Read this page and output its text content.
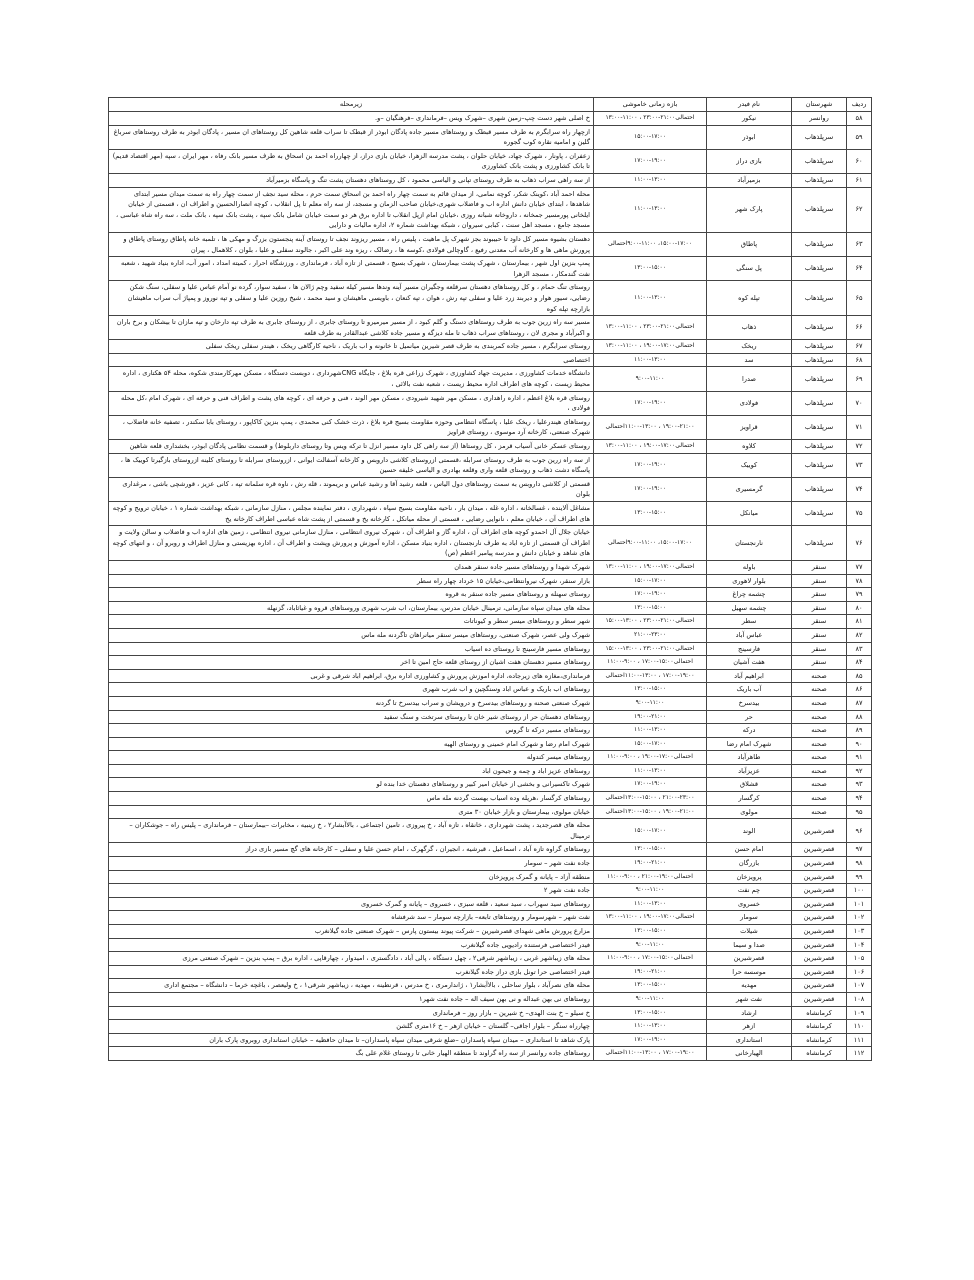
ردیف	شهرستان	نام فیدر	بازه زمانی خاموشی	زیرمحله
۵۸	روانسر	نیکور	احتمالی۲۱:۰۰-۲۳:۰۰ ، ۱۱:۰۰-۱۳:۰۰	خ اصلی شهر دست چپ–زمین شهری –شهرک ویس –فرمانداری –فرهنگیان –و.
۵۹	سرپلذهاب	ابوذر	۱۵:۰۰-۱۷:۰۰	ازچهار راه سرابگرم به طرف مسیر قبطک و روستاهای مسیر جاده پادگان ابوذر از قبطک تا سراب قلعه شاهین کل روستاهای ان مسیر ، پادگان ابوذر به طرف روستاهای سرباغ گلین و امامیه نقاره کوب گجوره
۶۰	سرپلذهاب	بازی دراز	۱۷:۰۰-۱۹:۰۰	زعفران ، پاونار ، شهرک جهاد، خیابان حلوان ، پشت مدرسه الزهرا، خیابان بازی دراز، از چهارراه احمد بن اسحاق به طرف مسیر بانک رفاه ، مهر ایران ، سپه (مهر اقتصاد قدیم) تا بانک کشاورزی و پشت بانک کشاورزی
۶۱	سرپلذهاب	بزمیرآباد	۱۱:۰۰-۱۳:۰۰	از سه راهی سراب ذهاب به طرف روستای تپانی و الیاسی محمود ، کل روستاهای دهستان پشت تنگ و پاسگاه بزمیرآباد
۶۲	سرپلذهاب	پارک شهر	۱۱:۰۰-۱۳:۰۰	محله احمد آباد ،کوینک شکر، کوچه نمامی، از میدان قائم به سمت چهار راه احمد بن اسحاق سمت حرم ، محله سید نجف از سمت چهار راه به سمت میدان مسیر ابتدای شاهدها ، ابتدای خیابان دانش اداره اب و فاضلاب شهری،خیابان صاحب الزمان و مسجد، از سه راه معلم تا پل انقلاب ، کوچه انصارالحسین و اطراف ان ، قسمتی از خیابان ایلخانی پورمسیر جمخانه ، داروخانه شبانه روزی ،خیابان امام ازپل انقلاب تا اداره برق هر دو سمت خیابان شامل بانک سپه ، پشت بانک سپه ، بانک ملت ، سه راه شاه عباسی ، مسجد جامع ، مسجد اهل سنت ، کبابی سیروان ، شبکه بهداشت شماره ۲، اداره مالیات و دارایی
۶۳	سرپلذهاب	پاطاق	۱۵:۰۰-۱۷:۰۰، ۹:۰۰-۱۱:۰۰احتمالی	دهستان بشیوه مسیر کل داود تا حبیبوند بجز شهرک پل ماهیت ، پلیس راه ، مسیر ریزوند نجف تا روستای آینه پنجستون بزرگ و مهکی ها ، تلمبه خانه پاطاق روستای پاطاق و پرورش ماهی ها و کارخانه آب معدنی رفیع ، گاوچالی فولادی ،کوسه ها ، رضالک ، ریزه وند علی اکبر ، جالوند سفلی و علیا ، بلوان ، کلاهمال ، پیران
۶۴	سرپلذهاب	پل سنگی	۱۳:۰۰-۱۵:۰۰	پمپ بنزین اول شهر ، بیمارستان ، شهرک پشت بیمارستان ، شهرک بسیج ، قسمتی از تازه آباد ، فرمانداری ، ورزشگاه احرار ، کمیته امداد ، امور آب، اداره بنیاد شهید ، شعبه نفت گندمکار ، مسجد الزهرا
۶۵	سرپلذهاب	تپله کوه	۱۱:۰۰-۱۳:۰۰	روستای تنگ حمام ، و کل روستاهای دهستان سرقلعه وجگیران مسیر آینه وندها مسیر کیله سفید وچم ژالان ها ، سفید سوار، گرده نو آمام عباس علیا و سفلی، سنگ شکن رضایی، سیور هوار و دیربند زرد علیا و سفلی تپه رش ، هوان ، تپه کنعان ، باویسی ماهیشان و سید محمد ، شیخ روزین علیا و سفلی و تپه نوروز و پمپاژ آب سراب ماهیشان بازارچه تپله کوه
۶۶	سرپلذهاب	ذهاب	احتمالی۲۱:۰۰-۲۳:۰۰ ، ۱۱:۰۰-۱۳:۰۰	مسیر سه راه زرین جوب به طرف روستاهای دستگ و گلم کبود ، از مسیر میرمیرو تا روستای جابری ، از روستای جابری به طرف تپه دارخان و تپه مازان تا بیشکان و برخ باران و اکبرآباد و مجری لان ، روستاهای سراب ذهاب تا مله دیزگه و مسیر جاده کلاشی عبدالقادر به طرف قلعه
۶۷	سرپلذهاب	ریخک	احتمالی۱۷:۰۰-۱۹:۰۰ ، ۱۱:۰۰-۱۳:۰۰	روستای سرابگرم ، مسیر جاده کمربندی به طرف قصر شیرین میانمیل تا خانونه و اب باریک ، ناحیه کارگاهی ریخک ، هیندر سفلی ریخک سفلی
۶۸	سرپلذهاب	سد	۱۱:۰۰-۱۳:۰۰	اختصاصی
۶۹	سرپلذهاب	صدرا	۹:۰۰-۱۱:۰۰	دانشگاه خدمات کشاورزی ، مدیریت جهاد کشاورزی ، شهرک زراعی قره بلاغ ، جایگاه CNGشهرداری ، دوبست دستگاه ، مسکن مهرکارمندی شکوه، محله ۵۴ هکتاری ، اداره محیط زیست ، کوچه های اطراف اداره محیط زیست ، شعبه نفت بالائی ،
۷۰	سرپلذهاب	فولادی	۱۷:۰۰-۱۹:۰۰	روستای قره بلاغ اعظم ، اداره راهداری ، مسکن مهر شهید شیرودی ، مسکن مهر الوند ، فنی و حرفه ای ، کوچه های پشت و اطراف فنی و حرفه ای ، شهرک امام ،کل محله فولادی ،
۷۱	سرپلذهاب	قراویز	۱۹:۰۰-۲۱:۰۰ ، ۱۱:۰۰-۱۳:۰۰احتمالی	روستاهای هیندرعلیا ، ریخک علیا ، پاسگاه انتظامی وحوزه مقاومت بسیج قره بلاغ ، ذرت خشک کنی محمدی ، پمپ بنزین کاکاپور ، روستای بابا سکندر ، تصفیه خانه فاضلاب ، شهرک صنعتی، کارخانه آرد موسوی ، روستای قراویز
۷۲	سرپلذهاب	کلاوه	احتمالی۱۷:۰۰-۱۹:۰۰ ، ۱۱:۰۰-۱۳:۰۰	روستای عسکر خانی آسیاب قرمز ، کل روستاها (از سه راهی کل داود مسیر انزل تا ترکه ویس وتا روستای داربلوط) و قسمت نظامی پادگان ابوذر، بخشداری قلعه شاهین
۷۳	سرپلذهاب	کوییک	۱۷:۰۰-۱۹:۰۰	از سه راه زرین جوب به طرف روستای سرابله ،قسمتی ازروستای کلاشی داروبس و کارخانه آسفالت ایوانی ، ازروستای سرابله تا روستای کلینه ازروستای بازگیرتا کوییک ها ، پاسگاه دشت ذهاب و روستای قلعه واری وقلعه بهادری و الیاسی خلیفه حسین
۷۴	سرپلذهاب	گرمسیری	۱۷:۰۰-۱۹:۰۰	قسمتی از کلاشی داروبس به سمت روستاهای دول الیاس ، قلعه رشید آقا و رشید عباس و بریموند ، قله رش ، ناوه قره سلمانه تپه ، کانی عزیز ، قورشچی باشی ، مرغداری بلوان
۷۵	سرپلذهاب	میانکل	۱۳:۰۰-۱۵:۰۰	مشاغل آلاینده ، غسالخانه ، اداره غله ، میدان بار ، ناحیه مقاومت بسیج سپاه ، شهرداری ، دفتر نماینده مجلس ، منازل سازمانی ، شبکه بهداشت شماره ۱ ، خیابان ترویج و کوچه های اطراف آن ، خیابان معلم ، نانوایی رضایی ، قسمتی از محله میانکل ، کارخانه یخ و قسمتی از پشت شاه عباسی اطراف کارخانه یخ
۷۶	سرپلذهاب	نارنجستان	۱۵:۰۰-۱۷:۰۰، ۹:۰۰-۱۱:۰۰احتمالی	خیابان جلال آل احمدو کوچه های اطراف آن ، اداره گاز و اطراف آن ، شهرک نیروی انتظامی ، منازل سازمانی نیروی انتظامی ، زمین های اداره اب و فاضلاب و سالن ولایت و اطراف آن قسمتی از تازه اباد به طرف نارنجستان ، اداره بنیاد مسکن ، اداره آموزش و پرورش وپشت و اطراف آن ، اداره بهزیستی و منازل اطراف و روبرو آن ، و انتهای کوچه های شاهد و خیابان دانش و مدرسه پیامبر اعظم (ص)
۷۷	سنقر	باوله	احتمالی۱۷:۰۰-۱۹:۰۰ ، ۱۱:۰۰-۱۳:۰۰	شهرک شهدا و روستاهای مسیر جاده سنقر همدان
۷۸	سنقر	بلوار لاهوری	۱۵:۰۰-۱۷:۰۰	بازار سنقر، شهرک نیروانتظامی،خیابان ۱۵ خرداد چهار راه سطر
۷۹	سنقر	چشمه چراغ	۱۷:۰۰-۱۹:۰۰	روستای سهنله و روستاهای مسیر جاده سنقر به قروه
۸۰	سنقر	چشمه سهیل	۱۳:۰۰-۱۵:۰۰	محله های میدان سپاه سازمانی، ترمینال خیابان مدرس، بیمارستان، اب شرب شهری وروستاهای قروه و غیاثاباد، گزنهله
۸۱	سنقر	سطر	احتمالی۲۱:۰۰-۲۳:۰۰ ، ۱۳:۰۰-۱۵:۰۰	شهر سطر و روستاهای میسر سطر و کیوناتات
۸۲	سنقر	عباس آباد	۲۱:۰۰-۲۳:۰۰	شهرک ولی عصر، شهرک صنعتی، روستاهای میسر سنقر میانراهان تاگردنه مله ماس
۸۳	سنقر	فارسینج	احتمالی۲۱:۰۰-۲۳:۰۰ ، ۱۳:۰۰-۱۵:۰۰	روستاهای مسیر فارسینج تا روستای ده اسیاب
۸۴	سنقر	هفت آشیان	احتمالی۱۵:۰۰-۱۷:۰۰ ، ۹:۰۰-۱۱:۰۰	روستاهای مسیر دهستان هفت اشیان از روستای قلعه حاج امین تا اخر
۸۵	صحنه	ابراهیم آباد	۱۷:۰۰-۱۹:۰۰ ، ۱۱:۰۰-۱۳:۰۰احتمالی	فرمانداری،مغازه های زیرجاده، اداره اموزش پرورش و کشاورزی اداره برق، ابراهیم اباد شرقی و غربی
۸۶	صحنه	آب باریک	۱۳:۰۰-۱۵:۰۰	روستاهای اب باریک و عباس اباد وسنگچین و اب شرب شهری
۸۷	صحنه	بیدسرخ	۹:۰۰-۱۱:۰۰	شهرک صنعتی صحنه و روستاهای بیدسرخ و درویشان و سراب بیدسرخ تا گردنه
۸۸	صحنه	حر	۱۹:۰۰-۲۱:۰۰	روستاهای دهستان حر از روستای شیر خان تا روستای سرتخت و سنگ سفید
۸۹	صحنه	درکه	۱۱:۰۰-۱۳:۰۰	روستاهای مسیر درکه تا گروس
۹۰	صحنه	شهرک امام رضا	۱۵:۰۰-۱۷:۰۰	شهرک امام رضا و شهرک امام خمینی و روستای الهیه
۹۱	صحنه	طاهرآباد	احتمالی۱۷:۰۰-۱۹:۰۰ ، ۹:۰۰-۱۱:۰۰	روستاهای میسر کندوله
۹۲	صحنه	عزیزآباد	۱۱:۰۰-۱۳:۰۰	روستاهای عزیز اباد و چمه و جیحون اباد
۹۳	صحنه	قشلاق	۱۷:۰۰-۱۹:۰۰	شهرک تاکسیرانی و بخشی از خیابان امیر کبیر و روستاهای دهستان خدا بنده لو
۹۴	صحنه	کرگسار	۲۱:۰۰-۲۳:۰۰ ، ۱۳:۰۰-۱۵:۰۰احتمالی	روستاهای کرگسار ،هریله وده اسیاب بهست گردنه مله ماس
۹۵	صحنه	مولوی	۱۹:۰۰-۲۱:۰۰ ، ۱۳:۰۰-۱۵:۰۰احتمالی	خیابان مولوی، بیمارستان و بازار خیابان ۳۰ متری
۹۶	قصرشیرین	الوند	۱۵:۰۰-۱۷:۰۰	محله های قصرجدید ، پشت شهرداری ، خانقاه ، تازه آباد ، خ پیروزی ، تامین اجتماعی ، بالاآبشار۲ ، خ زینبیه ، مخابرات –بیمارستان – فرمانداری – پلیس راه – جوشکاران – ترمینال
۹۷	قصرشیرین	امام حسن	۱۳:۰۰-۱۵:۰۰	روستاهای گراوه تازه آباد ، اسماعیل ، قبرشیه ، انجیران ، گرگهرک ، امام حسن علیا و سفلی – کارخانه های گچ مسیر بازی دراز
۹۸	قصرشیرین	بازرگان	۱۹:۰۰-۲۱:۰۰	جاده نفت شهر – سومار
۹۹	قصرشیرین	پرویزخان	احتمالی۱۹:۰۰-۲۱:۰۰ ، ۹:۰۰-۱۱:۰۰	منطقه آزاد – پایانه و گمرک پرویزخان
۱۰۰	قصرشیرین	چم نفت	۹:۰۰-۱۱:۰۰	جاده نفت شهر ۲
۱۰۱	قصرشیرین	خسروی	۱۱:۰۰-۱۳:۰۰	روستاهای سید سهراب ، سید سعید ، قلعه سبزی ، خسروی – پایانه و گمرک خسروی
۱۰۲	قصرشیرین	سومار	احتمالی۱۷:۰۰-۱۹:۰۰ ، ۱۱:۰۰-۱۳:۰۰	نفت شهر – شهرسومار و روستاهای تابعه– بازارچه سومار – سد شرفشاه
۱۰۳	قصرشیرین	شیلات	۱۳:۰۰-۱۵:۰۰	مزارع پرورش ماهی شهدای قصرشیرین – شرکت پیوند بیستون پارس – شهرک صنعتی جاده گیلانغرب
۱۰۴	قصرشیرین	صدا و سیما	۹:۰۰-۱۱:۰۰	فیدر اختصاصی فرستنده رادیویی جاده گیلانغرب
۱۰۵	قصرشیرین	قصرشیرین	احتمالی۱۵:۰۰-۱۷:۰۰ ، ۹:۰۰-۱۱:۰۰	محله های زیباشهر غربی ، زیباشهر شرقی۲ ، چهل دستگاه ، پالی آباد ، دادگستری ، امیدوار ، چهارقاپی ، اداره برق – پمپ بنزین – شهرک صنعتی مرزی
۱۰۶	قصرشیرین	موسسه حرا	۱۹:۰۰-۲۱:۰۰	فیدر اختصاصی حرا تونل بازی دراز جاده گیلانغرب
۱۰۷	قصرشیرین	مهدیه	۱۳:۰۰-۱۵:۰۰	محله های نصرآباد ، بلوار ساحلی ، بالاآبشار۱ ، ژاندارمری ، خ مدرس ، قرنطینه ، مهدیه ، زیباشهر شرقی۱ ، خ ولیعصر ، باغچه خرما – دانشگاه – مجتمع اداری
۱۰۸	قصرشیرین	نفت شهر	۹:۰۰-۱۱:۰۰	روستاهای نی بهن عبداله و نی بهن سیف اله – جاده نفت شهر۱
۱۰۹	کرمانشاه	ارشاد	۱۳:۰۰-۱۵:۰۰	خ سیلو – خ بنت الهدی– خ شیرین – بازار روز – فرمانداری
۱۱۰	کرمانشاه	ازهر	۱۱:۰۰-۱۳:۰۰	چهارراه سنگر – بلوار اجاقی– گلستان – خیابان ازهر – خ ۱۶متری گلشن
۱۱۱	کرمانشاه	استانداری	۱۷:۰۰-۱۹:۰۰	پارک شاهد تا استانداری – میدان سپاه پاسداران –ضلع شرقی میدان سپاه پاسداران– تا میدان حافظیه – خیابان استانداری روبروی پارک باران
۱۱۲	کرمانشاه	الهیارخانی	۱۷:۰۰-۱۹:۰۰ ، ۱۱:۰۰-۱۳:۰۰احتمالی	روستاهای جاده روانسر از سه راه گراوند تا منطقه الهیار خانی تا روستای غلام علی بگ
